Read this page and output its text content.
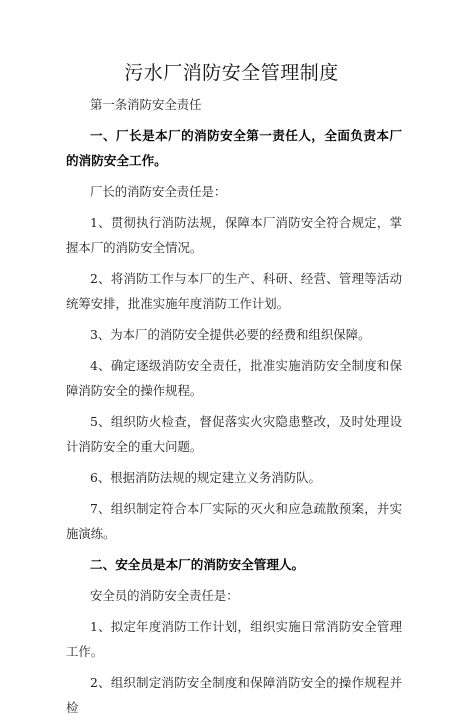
污水厂消防安全管理制度

第一条消防安全责任

一、厂长是本厂的消防安全第一责任人，全面负责本厂的消防安全工作。

厂长的消防安全责任是：

1、贯彻执行消防法规，保障本厂消防安全符合规定，掌握本厂的消防安全情况。

2、将消防工作与本厂的生产、科研、经营、管理等活动统筹安排，批准实施年度消防工作计划。

3、为本厂的消防安全提供必要的经费和组织保障。

4、确定逐级消防安全责任，批准实施消防安全制度和保障消防安全的操作规程。

5、组织防火检查，督促落实火灾隐患整改，及时处理设计消防安全的重大问题。

6、根据消防法规的规定建立义务消防队。

7、组织制定符合本厂实际的灭火和应急疏散预案，并实施演练。

二、安全员是本厂的消防安全管理人。

安全员的消防安全责任是：

1、拟定年度消防工作计划，组织实施日常消防安全管理工作。

2、组织制定消防安全制度和保障消防安全的操作规程并检
